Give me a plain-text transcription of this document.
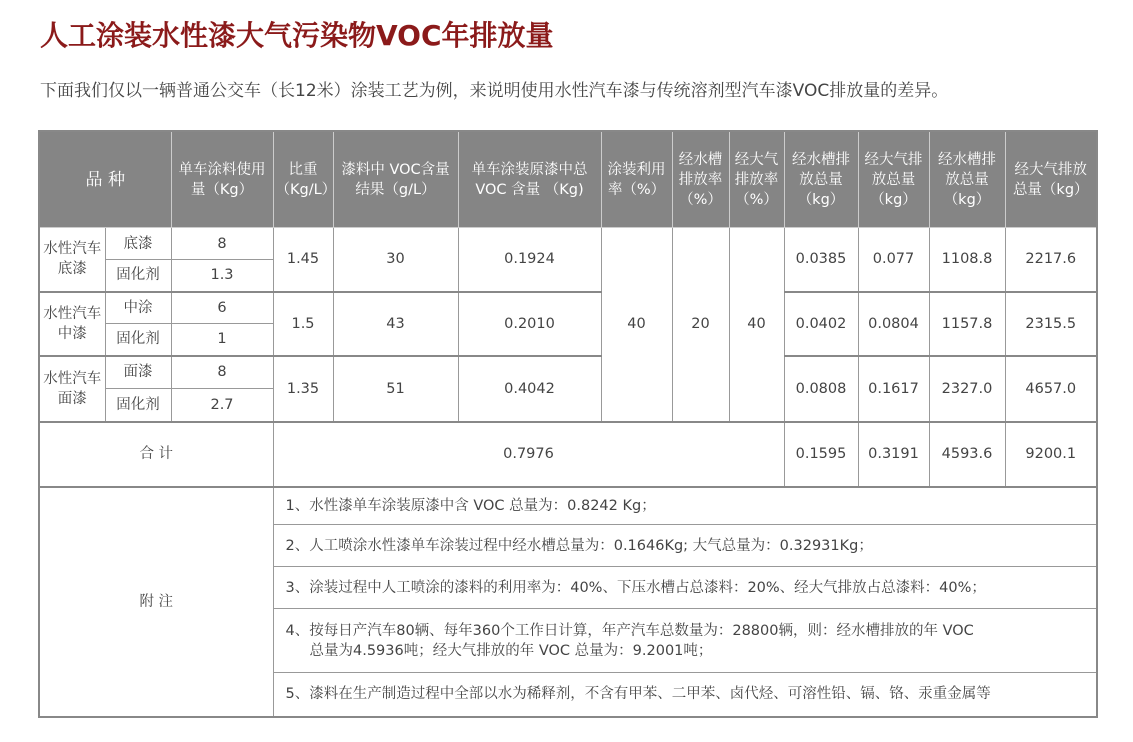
人工涂装水性漆大气污染物VOC年排放量
下面我们仅以一辆普通公交车（长12米）涂装工艺为例，来说明使用水性汽车漆与传统溶剂型汽车漆VOC排放量的差异。
品 种		单车涂料使用量（Kg）	比重（Kg/L）	漆料中 VOC含量结果（g/L）	单车涂装原漆中总 VOC 含量 （Kg)	涂装利用率（%）	经水槽排放率（%）	经大气排放率（%）	经水槽排放总量（kg）	经大气排放总量（kg）	经水槽排放总量（kg）	经大气排放总量（kg）
水性汽车底漆	底漆	8	1.45	30	0.1924	40	20	40	0.0385	0.077	1108.8	2217.6
	固化剂	1.3										
水性汽车中漆	中涂	6	1.5	43	0.2010				0.0402	0.0804	1157.8	2315.5
	固化剂	1										
水性汽车面漆	面漆	8	1.35	51	0.4042				0.0808	0.1617	2327.0	4657.0
	固化剂	2.7										
合 计			0.7976						0.1595	0.3191	4593.6	9200.1
附 注			1、水性漆单车涂装原漆中含 VOC 总量为：0.8242 Kg；									
			2、人工喷涂水性漆单车涂装过程中经水槽总量为：0.1646Kg; 大气总量为：0.32931Kg；									
			3、涂装过程中人工喷涂的漆料的利用率为：40%、下压水槽占总漆料：20%、经大气排放占总漆料：40%；									

			4、按每日产汽车80辆、每年360个工作日计算，年产汽车总数量为：28800辆，则：经水槽排放的年 VOC
总量为4.5936吨；经大气排放的年 VOC 总量为：9.2001吨；									

			5、漆料在生产制造过程中全部以水为稀释剂，不含有甲苯、二甲苯、卤代烃、可溶性铅、镉、铬、汞重金属等									
